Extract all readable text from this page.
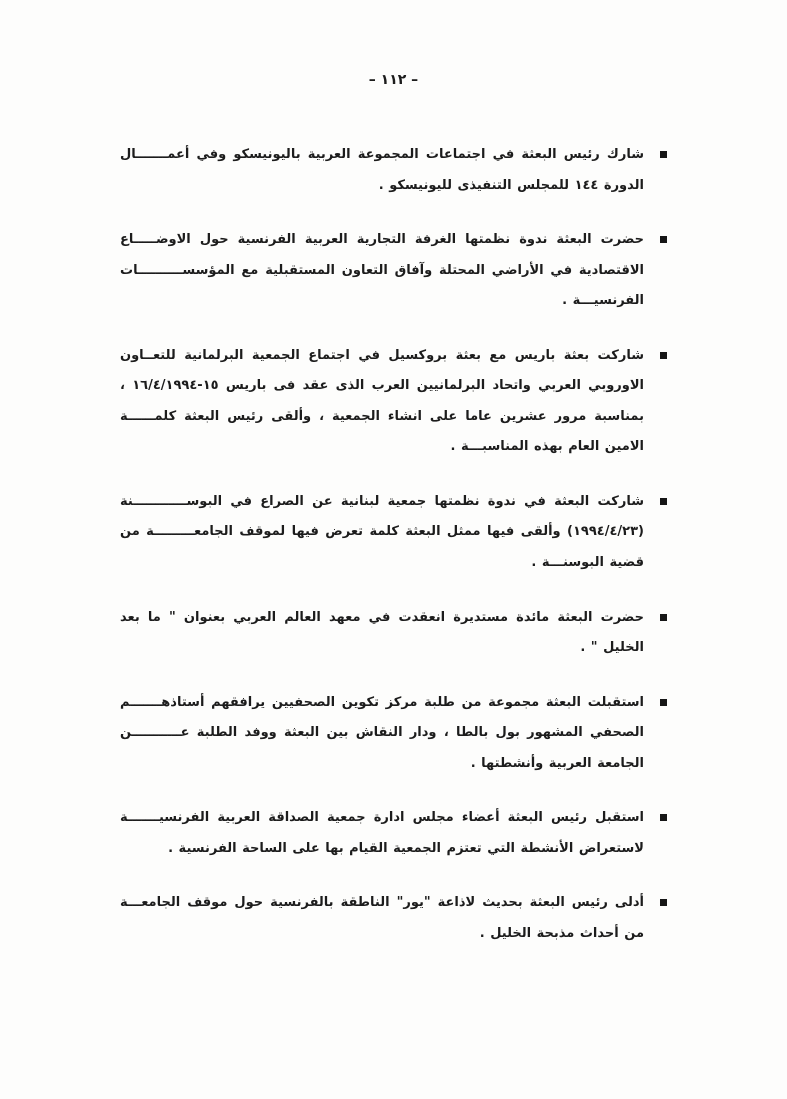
– ١١٢ –

شارك رئيس البعثة في اجتماعات المجموعة العربية باليونيسكو وفي أعمـــــــال الدورة ١٤٤ للمجلس التنفيذى لليونيسكو .

حضرت البعثة ندوة نظمتها الغرفة التجارية العربية الفرنسية حول الاوضـــــاع الاقتصادية في الأراضي المحتلة وآفاق التعاون المستقبلية مع المؤسســــــــــات الفرنسيـــة .

شاركت بعثة باريس مع بعثة بروكسيل في اجتماع الجمعية البرلمانية للتعــاون الاوروبي العربي واتحاد البرلمانيين العرب الذى عقد فى باريس ١٥-١٦/٤/١٩٩٤ ، بمناسبة مرور عشرين عاما على انشاء الجمعية ، وألقى رئيس البعثة كلمــــــة الامين العام بهذه المناسبـــة .

شاركت البعثة في ندوة نظمتها جمعية لبنانية عن الصراع في البوســــــــــــنة (١٩٩٤/٤/٢٣) وألقى فيها ممثل البعثة كلمة تعرض فيها لموقف الجامعـــــــــة من قضية البوسنـــة .

حضرت البعثة مائدة مستديرة انعقدت في معهد العالم العربي بعنوان " ما بعد الخليل " .

استقبلت البعثة مجموعة من طلبة مركز تكوين الصحفيين يرافقهم أستاذهـــــــم الصحفي المشهور بول بالطا ، ودار النقاش بين البعثة ووفد الطلبة عـــــــــــن الجامعة العربية وأنشطتها .

استقبل رئيس البعثة أعضاء مجلس ادارة جمعية الصداقة العربية الفرنسيـــــــة لاستعراض الأنشطة التي تعتزم الجمعية القيام بها على الساحة الفرنسية .

أدلى رئيس البعثة بحديث لاذاعة "يور" الناطقة بالفرنسية حول موقف الجامعـــة من أحداث مذبحة الخليل .
